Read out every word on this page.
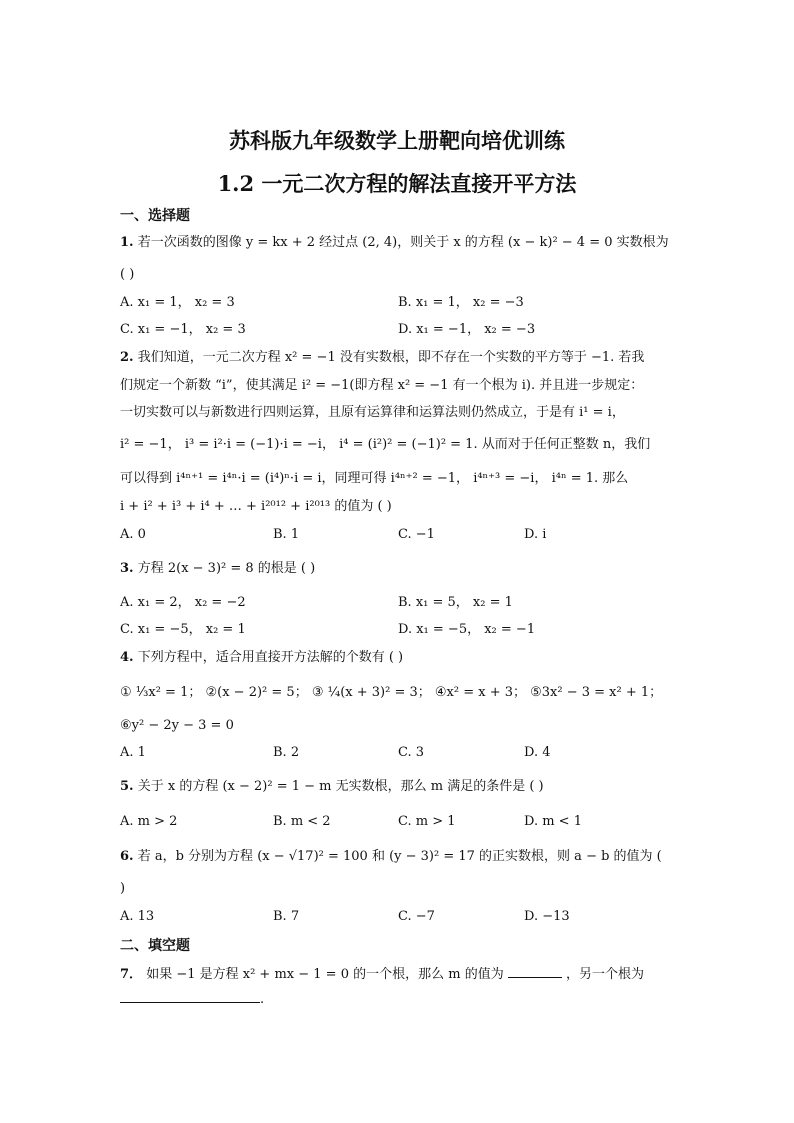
苏科版九年级数学上册靶向培优训练
1.2 一元二次方程的解法直接开平方法
一、选择题
1. 若一次函数的图像 y = kx + 2 经过点 (2, 4)，则关于 x 的方程 (x − k)² − 4 = 0 实数根为
( )
A. x₁ = 1， x₂ = 3	B. x₁ = 1， x₂ = −3
C. x₁ = −1， x₂ = 3	D. x₁ = −1， x₂ = −3
2. 我们知道，一元二次方程 x² = −1 没有实数根，即不存在一个实数的平方等于 −1. 若我
们规定一个新数 “i”，使其满足 i² = −1(即方程 x² = −1 有一个根为 i). 并且进一步规定：
一切实数可以与新数进行四则运算，且原有运算律和运算法则仍然成立，于是有 i¹ = i，
i² = −1， i³ = i²·i = (−1)·i = −i， i⁴ = (i²)² = (−1)² = 1. 从而对于任何正整数 n，我们
可以得到 i⁴ⁿ⁺¹ = i⁴ⁿ·i = (i⁴)ⁿ·i = i，同理可得 i⁴ⁿ⁺² = −1， i⁴ⁿ⁺³ = −i， i⁴ⁿ = 1. 那么
i + i² + i³ + i⁴ + … + i²⁰¹² + i²⁰¹³ 的值为 ( )
A. 0	B. 1	C. −1	D. i
3. 方程 2(x − 3)² = 8 的根是 ( )
A. x₁ = 2， x₂ = −2	B. x₁ = 5， x₂ = 1
C. x₁ = −5， x₂ = 1	D. x₁ = −5， x₂ = −1
4. 下列方程中，适合用直接开方法解的个数有 ( )
① ⅓x² = 1； ②(x − 2)² = 5； ③ ¼(x + 3)² = 3； ④x² = x + 3； ⑤3x² − 3 = x² + 1；
⑥y² − 2y − 3 = 0
A. 1	B. 2	C. 3	D. 4
5. 关于 x 的方程 (x − 2)² = 1 − m 无实数根，那么 m 满足的条件是 ( )
A. m > 2	B. m < 2	C. m > 1	D. m < 1
6. 若 a，b 分别为方程 (x − √17)² = 100 和 (y − 3)² = 17 的正实数根，则 a − b 的值为 (
)
A. 13	B. 7	C. −7	D. −13
二、填空题
7． 如果 −1 是方程 x² + mx − 1 = 0 的一个根，那么 m 的值为	，另一个根为
.
